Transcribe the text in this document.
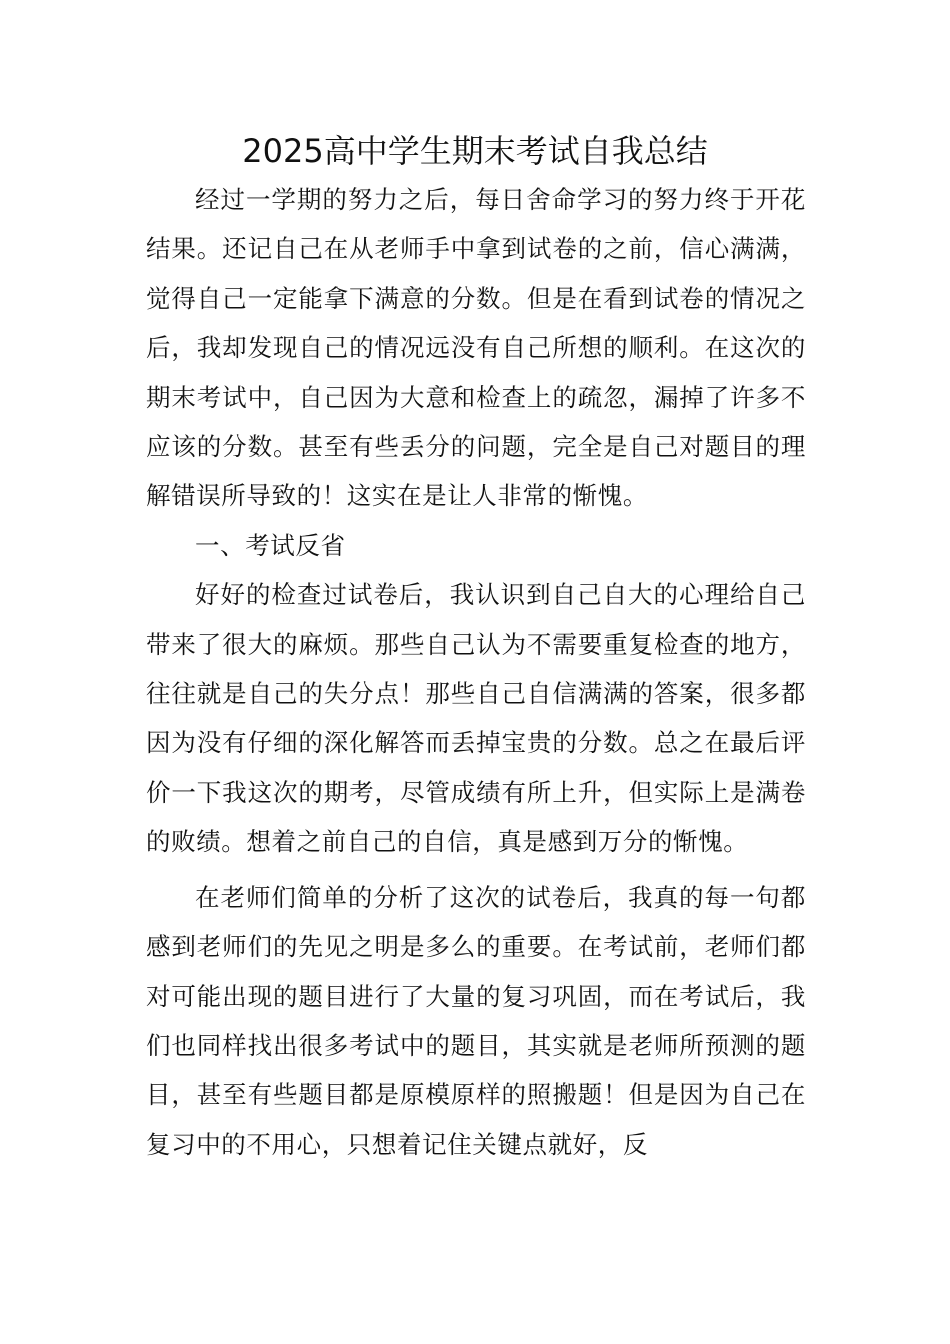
2025高中学生期末考试自我总结

经过一学期的努力之后，每日舍命学习的努力终于开花结果。还记自己在从老师手中拿到试卷的之前，信心满满，觉得自己一定能拿下满意的分数。但是在看到试卷的情况之后，我却发现自己的情况远没有自己所想的顺利。在这次的期末考试中，自己因为大意和检查上的疏忽，漏掉了许多不应该的分数。甚至有些丢分的问题，完全是自己对题目的理解错误所导致的！这实在是让人非常的惭愧。

一、考试反省

好好的检查过试卷后，我认识到自己自大的心理给自己带来了很大的麻烦。那些自己认为不需要重复检查的地方，往往就是自己的失分点！那些自己自信满满的答案，很多都因为没有仔细的深化解答而丢掉宝贵的分数。总之在最后评价一下我这次的期考，尽管成绩有所上升，但实际上是满卷的败绩。想着之前自己的自信，真是感到万分的惭愧。

在老师们简单的分析了这次的试卷后，我真的每一句都感到老师们的先见之明是多么的重要。在考试前，老师们都对可能出现的题目进行了大量的复习巩固，而在考试后，我们也同样找出很多考试中的题目，其实就是老师所预测的题目，甚至有些题目都是原模原样的照搬题！但是因为自己在复习中的不用心，只想着记住关键点就好，反
